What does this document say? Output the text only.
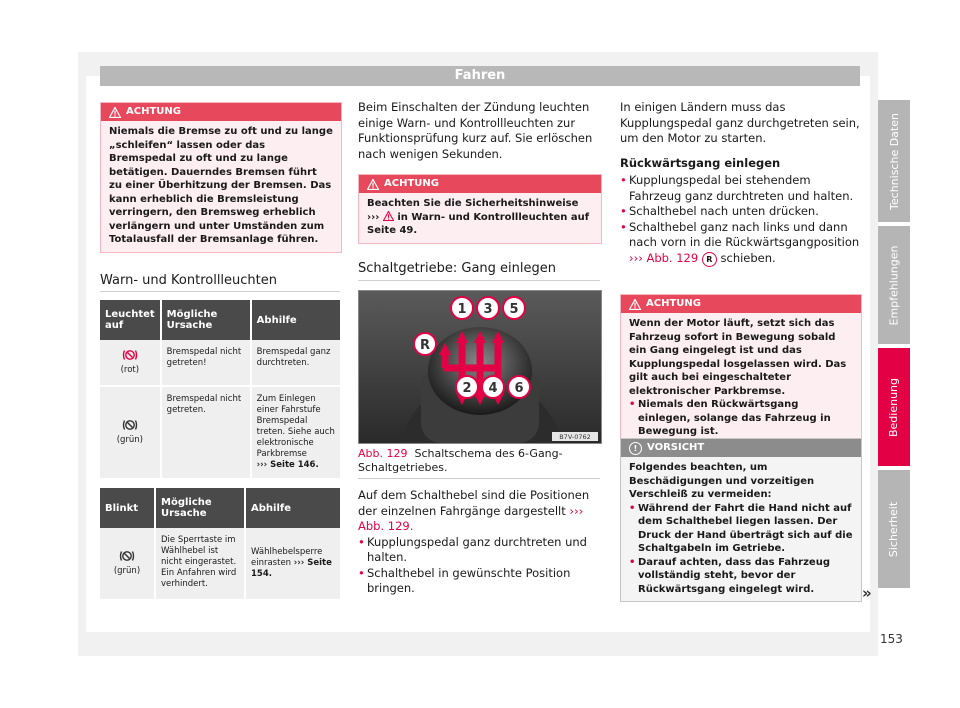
Fahren
Technische Daten
Empfehlungen
Bedienung
Sicherheit
ACHTUNG

Niemals die Bremse zu oft und zu lange „schleifen“ lassen oder das Bremspedal zu oft und zu lange betätigen. Dauerndes Bremsen führt zu einer Überhitzung der Bremsen. Das kann erheblich die Bremsleistung verringern, den Bremsweg erheblich verlängern und unter Umständen zum Totalausfall der Bremsanlage führen.

Warn- und Kontrollleuchten
Leuchtet auf	Mögliche Ursache	Abhilfe

(rot)	Bremspedal nicht getreten!	Bremspedal ganz durchtreten.

(grün)	Bremspedal nicht getreten.	Zum Einlegen einer Fahrstufe Bremspedal treten. Siehe auch elektronische Parkbremse
››› Seite 146.
Blinkt	Mögliche Ursache	Abhilfe

(grün)	Die Sperrtaste im Wählhebel ist nicht eingerastet. Ein Anfahren wird verhindert.	Wählhebelsperre einrasten ››› Seite 154.

Beim Einschalten der Zündung leuchten einige Warn- und Kontrollleuchten zur Funktionsprüfung kurz auf. Sie erlöschen nach wenigen Sekunden.

ACHTUNG

Beachten Sie die Sicherheitshinweise ››› in Warn- und Kontrollleuchten auf Seite 49.

Schaltgetriebe: Gang einlegen
1 3 5
R
2 4 6
B7V-0762
Abb. 129 Schaltschema des 6-Gang-Schaltgetriebes.

Auf dem Schalthebel sind die Positionen der einzelnen Fahrgänge dargestellt ››› Abb. 129.

• Kupplungspedal ganz durchtreten und halten.

• Schalthebel in gewünschte Position bringen.

In einigen Ländern muss das Kupplungspedal ganz durchgetreten sein, um den Motor zu starten.

Rückwärtsgang einlegen

• Kupplungspedal bei stehendem Fahrzeug ganz durchtreten und halten.

• Schalthebel nach unten drücken.

• Schalthebel ganz nach links und dann nach vorn in die Rückwärtsgangposition
››› Abb. 129 R schieben.

ACHTUNG

Wenn der Motor läuft, setzt sich das Fahrzeug sofort in Bewegung sobald ein Gang eingelegt ist und das Kupplungspedal losgelassen wird. Das gilt auch bei eingeschalteter elektronischer Parkbremse.

• Niemals den Rückwärtsgang einlegen, solange das Fahrzeug in Bewegung ist.
! VORSICHT

Folgendes beachten, um Beschädigungen und vorzeitigen Verschleiß zu vermeiden:

• Während der Fahrt die Hand nicht auf dem Schalthebel liegen lassen. Der Druck der Hand überträgt sich auf die Schaltgabeln im Getriebe.
• Darauf achten, dass das Fahrzeug vollständig steht, bevor der Rückwärtsgang eingelegt wird.	»
153
